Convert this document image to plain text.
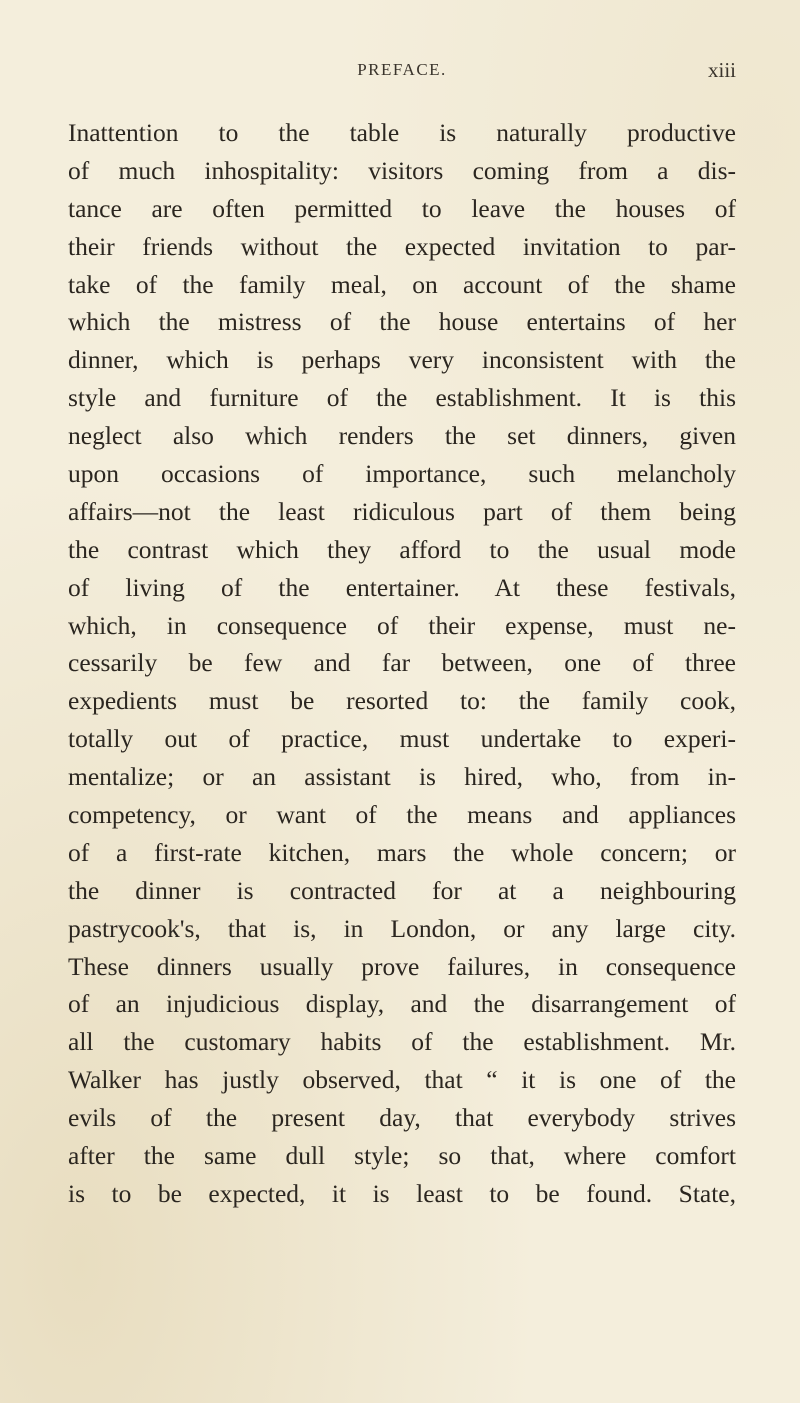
PREFACE.	xiii
Inattention to the table is naturally productive
of much inhospitality: visitors coming from a dis-
tance are often permitted to leave the houses of
their friends without the expected invitation to par-
take of the family meal, on account of the shame
which the mistress of the house entertains of her
dinner, which is perhaps very inconsistent with the
style and furniture of the establishment. It is this
neglect also which renders the set dinners, given
upon occasions of importance, such melancholy
affairs—not the least ridiculous part of them being
the contrast which they afford to the usual mode
of living of the entertainer. At these festivals,
which, in consequence of their expense, must ne-
cessarily be few and far between, one of three
expedients must be resorted to: the family cook,
totally out of practice, must undertake to experi-
mentalize; or an assistant is hired, who, from in-
competency, or want of the means and appliances
of a first-rate kitchen, mars the whole concern; or
the dinner is contracted for at a neighbouring
pastrycook's, that is, in London, or any large city.
These dinners usually prove failures, in consequence
of an injudicious display, and the disarrangement of
all the customary habits of the establishment. Mr.
Walker has justly observed, that “ it is one of the
evils of the present day, that everybody strives
after the same dull style; so that, where comfort
is to be expected, it is least to be found. State,
